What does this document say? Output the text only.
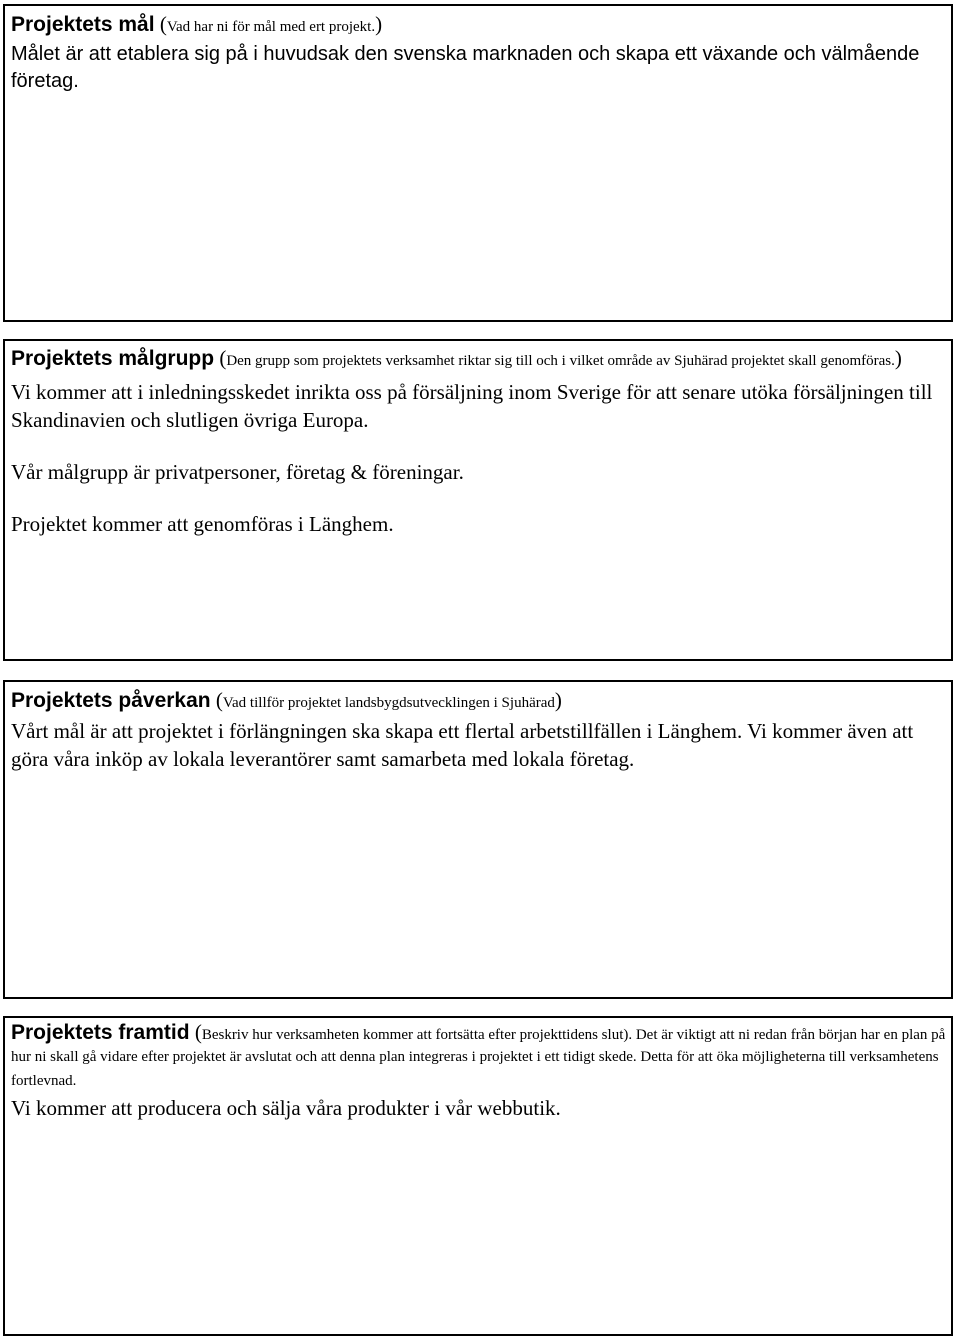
Projektets mål (Vad har ni för mål med ert projekt.)

Målet är att etablera sig på i huvudsak den svenska marknaden och skapa ett växande och välmående företag.

Projektets målgrupp (Den grupp som projektets verksamhet riktar sig till och i vilket område av Sjuhärad projektet skall genomföras.)

Vi kommer att i inledningsskedet inrikta oss på försäljning inom Sverige för att senare utöka försäljningen till Skandinavien och slutligen övriga Europa.

Vår målgrupp är privatpersoner, företag & föreningar.

Projektet kommer att genomföras i Länghem.

Projektets påverkan (Vad tillför projektet landsbygdsutvecklingen i Sjuhärad)

Vårt mål är att projektet i förlängningen ska skapa ett flertal arbetstillfällen i Länghem. Vi kommer även att göra våra inköp av lokala leverantörer samt samarbeta med lokala företag.

Projektets framtid (Beskriv hur verksamheten kommer att fortsätta efter projekttidens slut). Det är viktigt att ni redan från början har en plan på hur ni skall gå vidare efter projektet är avslutat och att denna plan integreras i projektet i ett tidigt skede. Detta för att öka möjligheterna till verksamhetens fortlevnad.

Vi kommer att producera och sälja våra produkter i vår webbutik.
